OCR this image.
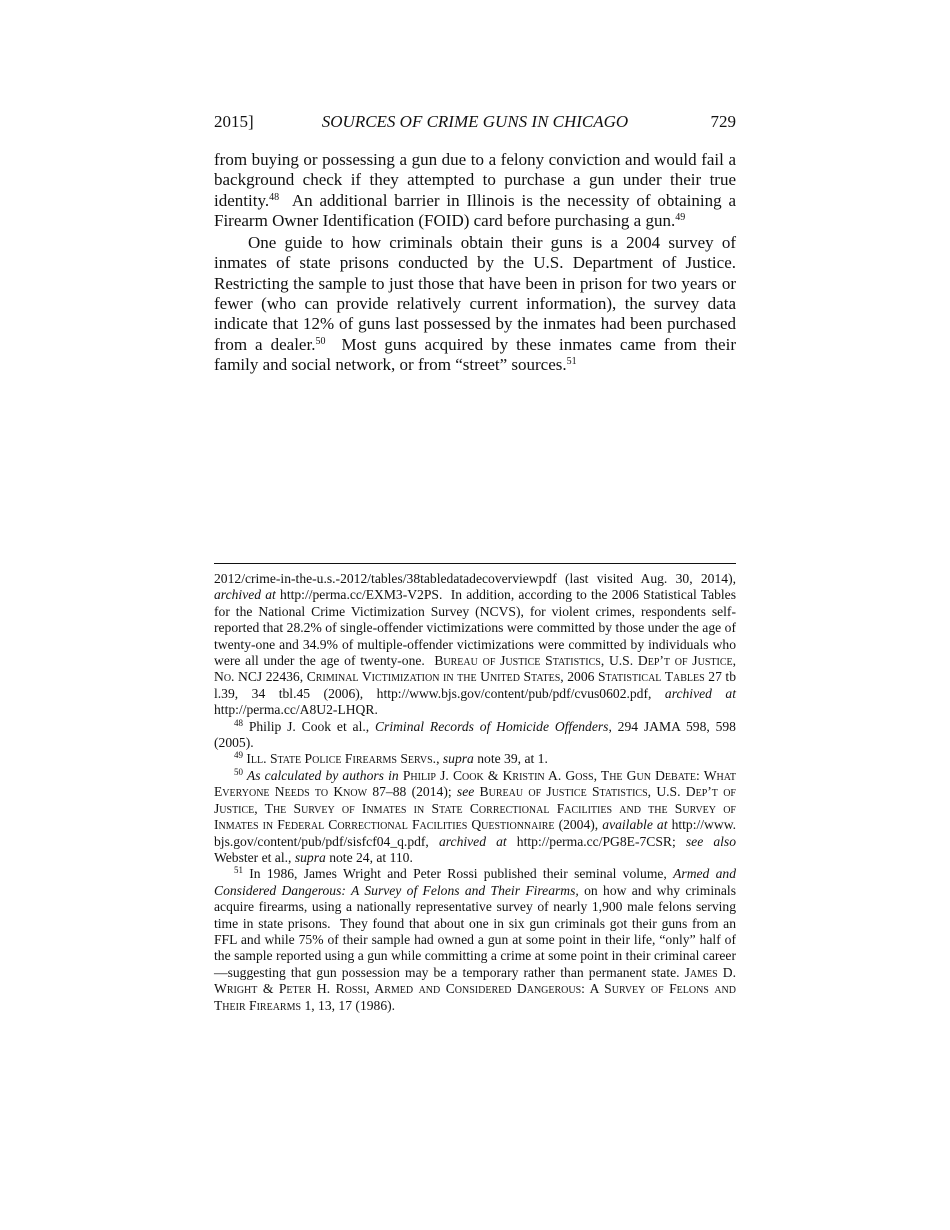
2015]	SOURCES OF CRIME GUNS IN CHICAGO	729

from buying or possessing a gun due to a felony conviction and would fail a background check if they attempted to purchase a gun under their true identity.$^{48}$  An additional barrier in Illinois is the necessity of obtaining a Firearm Owner Identification (FOID) card before purchasing a gun.$^{49}$

One guide to how criminals obtain their guns is a 2004 survey of inmates of state prisons conducted by the U.S. Department of Justice. Restricting the sample to just those that have been in prison for two years or fewer (who can provide relatively current information), the survey data indicate that 12% of guns last possessed by the inmates had been purchased from a dealer.$^{50}$  Most guns acquired by these inmates came from their family and social network, or from “street” sources.$^{51}$

2012/crime-in-the-u.s.-2012/tables/38tabledatadecoverviewpdf (last visited Aug. 30, 2014), archived at http://perma.cc/EXM3-V2PS.  In addition, according to the 2006 Statistical Tables for the National Crime Victimization Survey (NCVS), for violent crimes, respondents self-reported that 28.2% of single-offender victimizations were committed by those under the age of twenty-one and 34.9% of multiple-offender victimizations were committed by individuals who were all under the age of twenty-one.  Bureau of Justice Statistics, U.S. Dep’t of Justice, No. NCJ 22436, Criminal Victimization in the United States, 2006 Statistical Tables 27 tbl.39, 34 tbl.45 (2006), http://www.bjs.gov/content/pub/pdf/cvus0602.pdf, archived at http://perma.cc/A8U2-LHQR.

$^{48}$ Philip J. Cook et al., Criminal Records of Homicide Offenders, 294 JAMA 598, 598 (2005).

$^{49}$ Ill. State Police Firearms Servs., supra note 39, at 1.

$^{50}$ As calculated by authors in Philip J. Cook & Kristin A. Goss, The Gun Debate: What Everyone Needs to Know 87–88 (2014); see Bureau of Justice Statistics, U.S. Dep’t of Justice, The Survey of Inmates in State Correctional Facilities and the Survey of Inmates in Federal Correctional Facilities Questionnaire (2004), available at http://www.bjs.gov/content/pub/pdf/sisfcf04_q.pdf, archived at http://perma.cc/PG8E-7CSR; see also Webster et al., supra note 24, at 110.

$^{51}$ In 1986, James Wright and Peter Rossi published their seminal volume, Armed and Considered Dangerous: A Survey of Felons and Their Firearms, on how and why criminals acquire firearms, using a nationally representative survey of nearly 1,900 male felons serving time in state prisons.  They found that about one in six gun criminals got their guns from an FFL and while 75% of their sample had owned a gun at some point in their life, “only” half of the sample reported using a gun while committing a crime at some point in their criminal career—suggesting that gun possession may be a temporary rather than permanent state. James D. Wright & Peter H. Rossi, Armed and Considered Dangerous: A Survey of Felons and Their Firearms 1, 13, 17 (1986).
